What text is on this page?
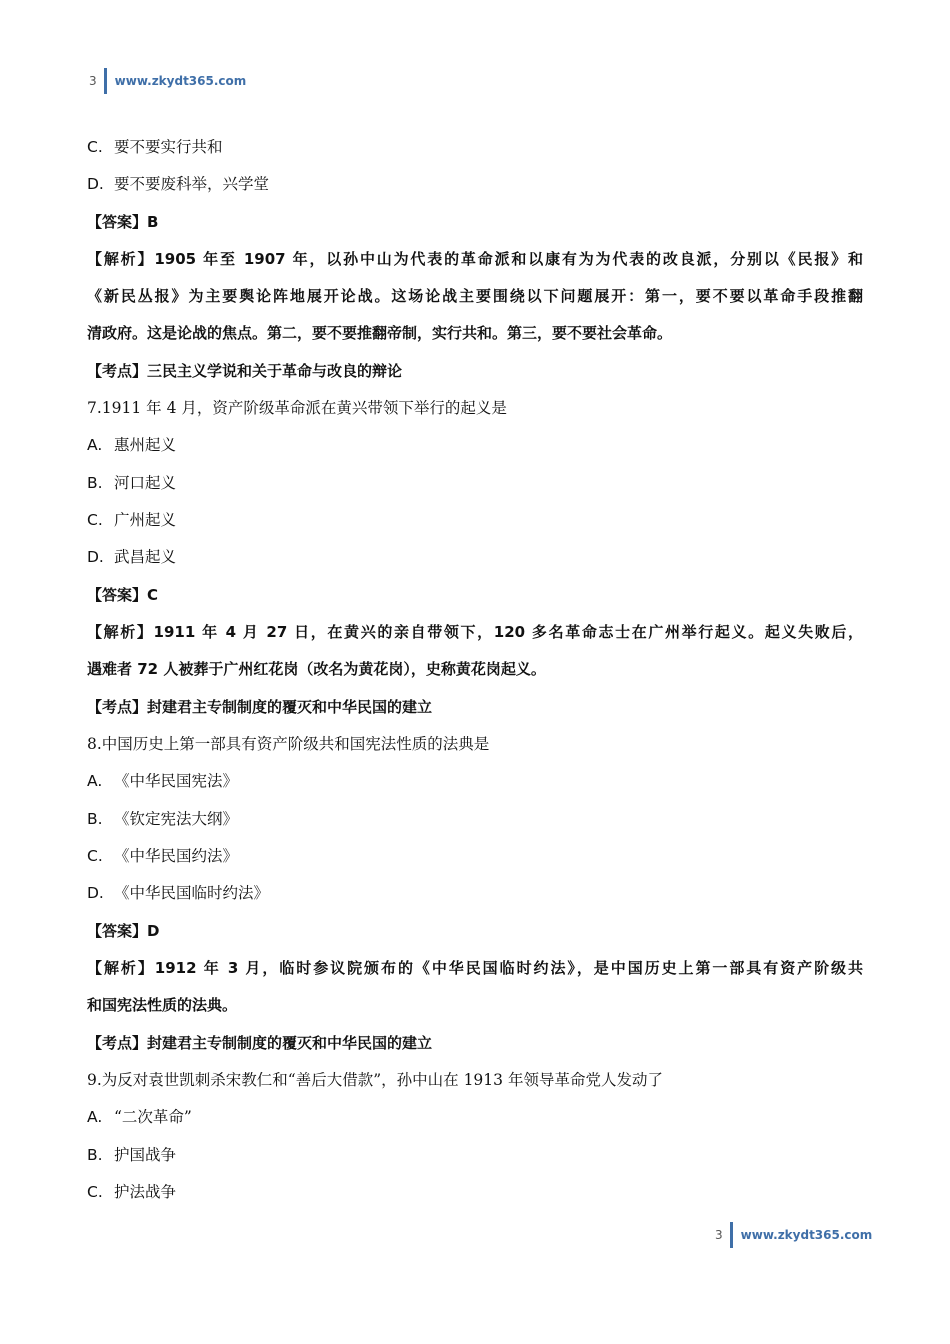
3 www.zkydt365.com
C. 要不要实行共和
D. 要不要废科举，兴学堂
【答案】B
【解析】1905 年至 1907 年，以孙中山为代表的革命派和以康有为为代表的改良派，分别以《民报》和
《新民丛报》为主要舆论阵地展开论战。这场论战主要围绕以下问题展开：第一，要不要以革命手段推翻
清政府。这是论战的焦点。第二，要不要推翻帝制，实行共和。第三，要不要社会革命。
【考点】三民主义学说和关于革命与改良的辩论
7.1911 年 4 月，资产阶级革命派在黄兴带领下举行的起义是
A. 惠州起义
B. 河口起义
C. 广州起义
D. 武昌起义
【答案】C
【解析】1911 年 4 月 27 日，在黄兴的亲自带领下，120 多名革命志士在广州举行起义。起义失败后，
遇难者 72 人被葬于广州红花岗（改名为黄花岗），史称黄花岗起义。
【考点】封建君主专制制度的覆灭和中华民国的建立
8.中国历史上第一部具有资产阶级共和国宪法性质的法典是
A. 《中华民国宪法》
B. 《钦定宪法大纲》
C. 《中华民国约法》
D. 《中华民国临时约法》
【答案】D
【解析】1912 年 3 月，临时参议院颁布的《中华民国临时约法》，是中国历史上第一部具有资产阶级共
和国宪法性质的法典。
【考点】封建君主专制制度的覆灭和中华民国的建立
9.为反对袁世凯刺杀宋教仁和“善后大借款”，孙中山在 1913 年领导革命党人发动了
A. “二次革命”
B. 护国战争
C. 护法战争
3 www.zkydt365.com
